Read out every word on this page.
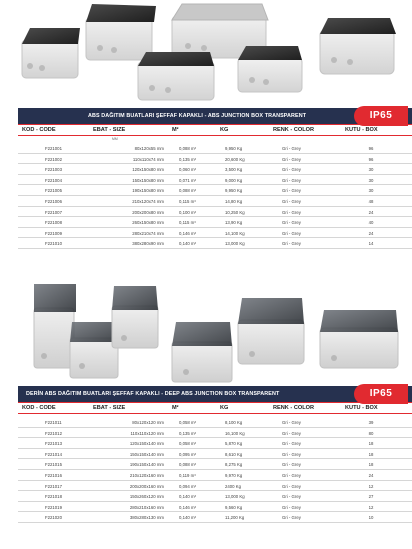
ABS DAĞITIM BUATLARI ŞEFFAF KAPAKLI - ABS JUNCTION BOX TRANSPARENT	IP65
KOD - CODE	EBAT - SIZE	M²	KG	RENK - COLOR	KUTU - BOX
MM
F221001	80x120x55 mm	0,088 m³	9,950 Kg	Gri - Grey	96
F221002	110x110x74 mm	0,135 m³	20,600 Kg	Gri - Grey	96
F221003	120x150x80 mm	0,060 m³	3,500 Kg	Gri - Grey	30
F221004	150x150x80 mm	0,071 m³	9,000 Kg	Gri - Grey	30
F221005	190x150x80 mm	0,088 m³	9,950 Kg	Gri - Grey	30
F221006	210x120x74 mm	0,115 m³	14,80 Kg	Gri - Grey	48
F221007	200x200x80 mm	0,100 m³	10,250 Kg	Gri - Grey	24
F221008	260x150x80 mm	0,115 m³	13,90 Kg	Gri - Grey	40
F221009	280x210x74 mm	0,146 m³	14,100 Kg	Gri - Grey	24
F221010	380x280x90 mm	0,140 m³	13,000 Kg	Gri - Grey	14
DERİN ABS DAĞITIM BUATLARI ŞEFFAF KAPAKLI - DEEP ABS JUNCTION BOX TRANSPARENT	IP65
KOD - CODE	EBAT - SIZE	M²	KG	RENK - COLOR	KUTU - BOX
F221011	80x120x120 mm	0,058 m³	8,100 Kg	Gri - Grey	39
F221012	110x110x120 mm	0,135 m³	16,100 Kg	Gri - Grey	80
F221013	120x150x140 mm	0,058 m³	5,870 Kg	Gri - Grey	18
F221014	150x150x140 mm	0,095 m³	8,610 Kg	Gri - Grey	18
F221015	190x150x140 mm	0,088 m³	8,275 Kg	Gri - Grey	18
F221016	210x120x160 mm	0,119 m³	9,970 Kg	Gri - Grey	24
F221017	200x200x160 mm	0,094 m³	2400 Kg	Gri - Grey	12
F221018	150x260x120 mm	0,140 m³	13,000 Kg	Gri - Grey	27
F221019	280x210x160 mm	0,146 m³	9,560 Kg	Gri - Grey	12
F221020	380x280x130 mm	0,140 m³	11,200 Kg	Gri - Grey	10
